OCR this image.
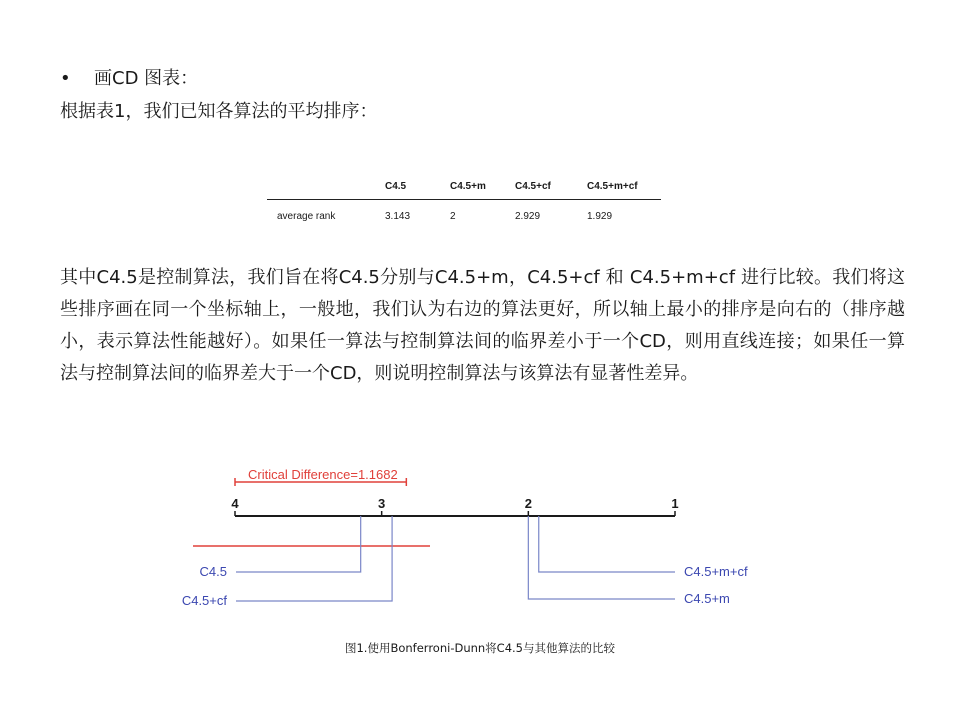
•	画CD 图表：
根据表1，我们已知各算法的平均排序：
	C4.5	C4.5+m	C4.5+cf	C4.5+m+cf
average rank	3.143	2	2.929	1.929
其中C4.5是控制算法，我们旨在将C4.5分别与C4.5+m，C4.5+cf 和 C4.5+m+cf 进行比较。我们将这些排序画在同一个坐标轴上，一般地，我们认为右边的算法更好，所以轴上最小的排序是向右的（排序越小，表示算法性能越好）。如果任一算法与控制算法间的临界差小于一个CD，则用直线连接；如果任一算法与控制算法间的临界差大于一个CD，则说明控制算法与该算法有显著性差异。
Critical Difference=1.1682
4	3	2	1
C4.5
C4.5+cf
C4.5+m+cf
C4.5+m
图1.使用Bonferroni-Dunn将C4.5与其他算法的比较
